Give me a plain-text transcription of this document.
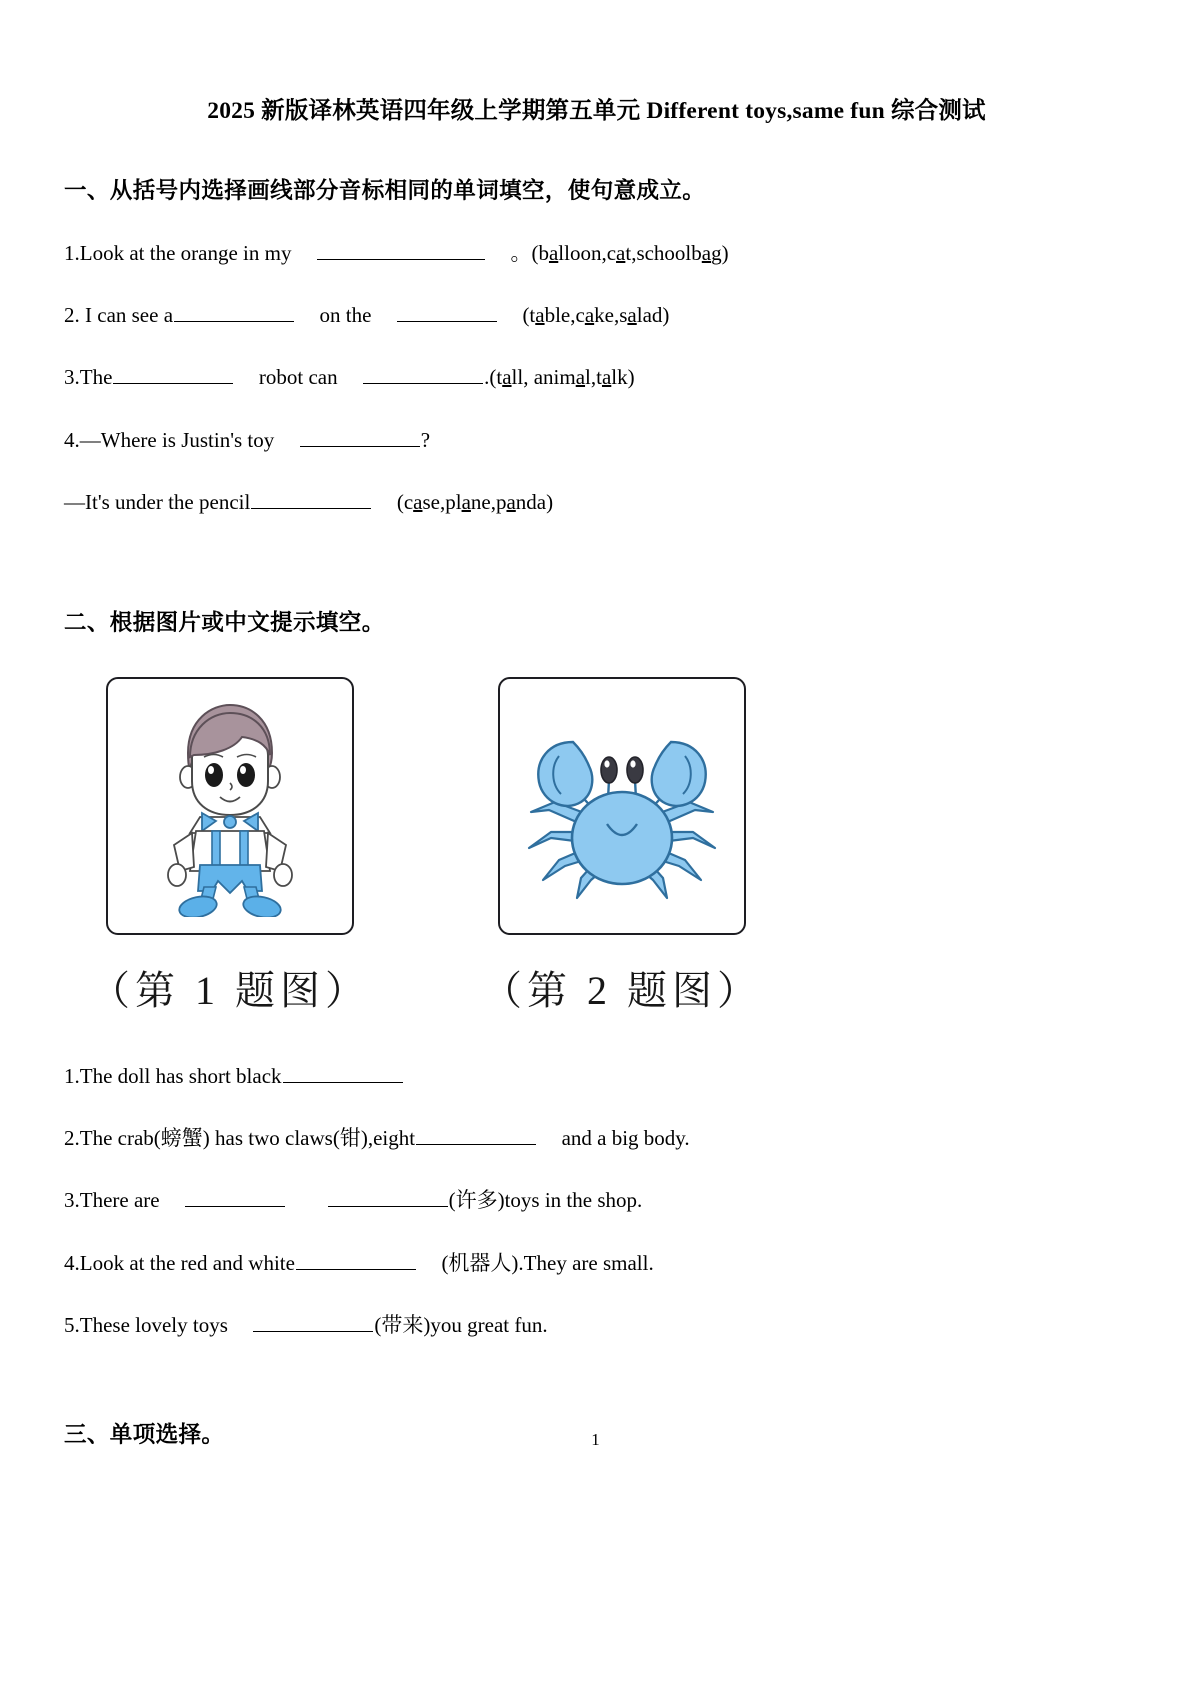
2025 新版译林英语四年级上学期第五单元 Different toys,same fun 综合测试
一、从括号内选择画线部分音标相同的单词填空，使句意成立。
1.Look at the orange in my	。(balloon,cat,schoolbag)
2. I can see a	on the	(table,cake,salad)
3.The	robot can	.(tall, animal,talk)
4.—Where is Justin's toy	?
—It's under the pencil	(case,plane,panda)
二、根据图片或中文提示填空。
（第 1 题图）	（第 2 题图）
1.The doll has short black
2.The crab(螃蟹) has two claws(钳),eight	and a big body.
3.There are	(许多)toys in the shop.
4.Look at the red and white	(机器人).They are small.
5.These lovely toys	(带来)you great fun.
三、单项选择。	1
